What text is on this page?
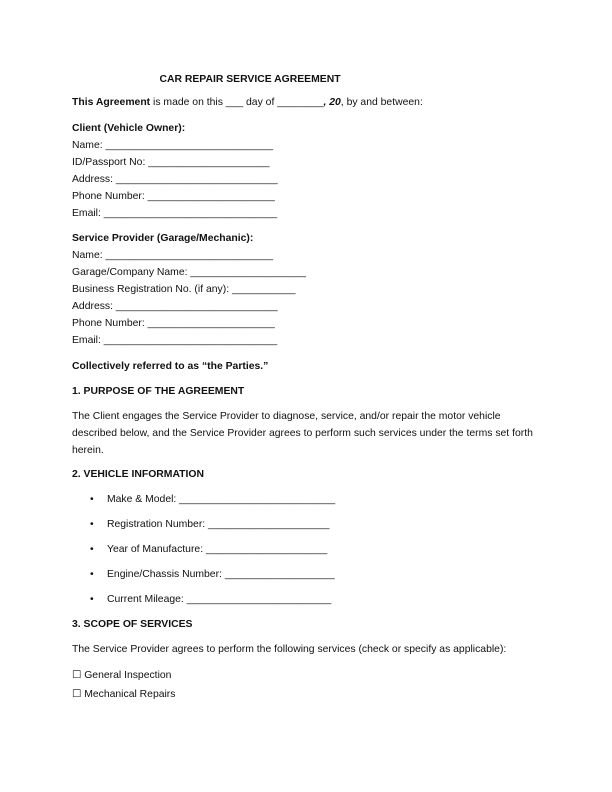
CAR REPAIR SERVICE AGREEMENT
This Agreement is made on this ___ day of ________, 20, by and between:
Client (Vehicle Owner):
Name: _____________________________
ID/Passport No: _____________________
Address: ____________________________
Phone Number: ______________________
Email: ______________________________
Service Provider (Garage/Mechanic):
Name: _____________________________
Garage/Company Name: ____________________
Business Registration No. (if any): ___________
Address: ____________________________
Phone Number: ______________________
Email: ______________________________
Collectively referred to as “the Parties.”
1. PURPOSE OF THE AGREEMENT
The Client engages the Service Provider to diagnose, service, and/or repair the motor vehicle described below, and the Service Provider agrees to perform such services under the terms set forth herein.
2. VEHICLE INFORMATION
• Make & Model: ___________________________
• Registration Number: _____________________
• Year of Manufacture: _____________________
• Engine/Chassis Number: ___________________
• Current Mileage: _________________________
3. SCOPE OF SERVICES
The Service Provider agrees to perform the following services (check or specify as applicable):
☐ General Inspection
☐ Mechanical Repairs
